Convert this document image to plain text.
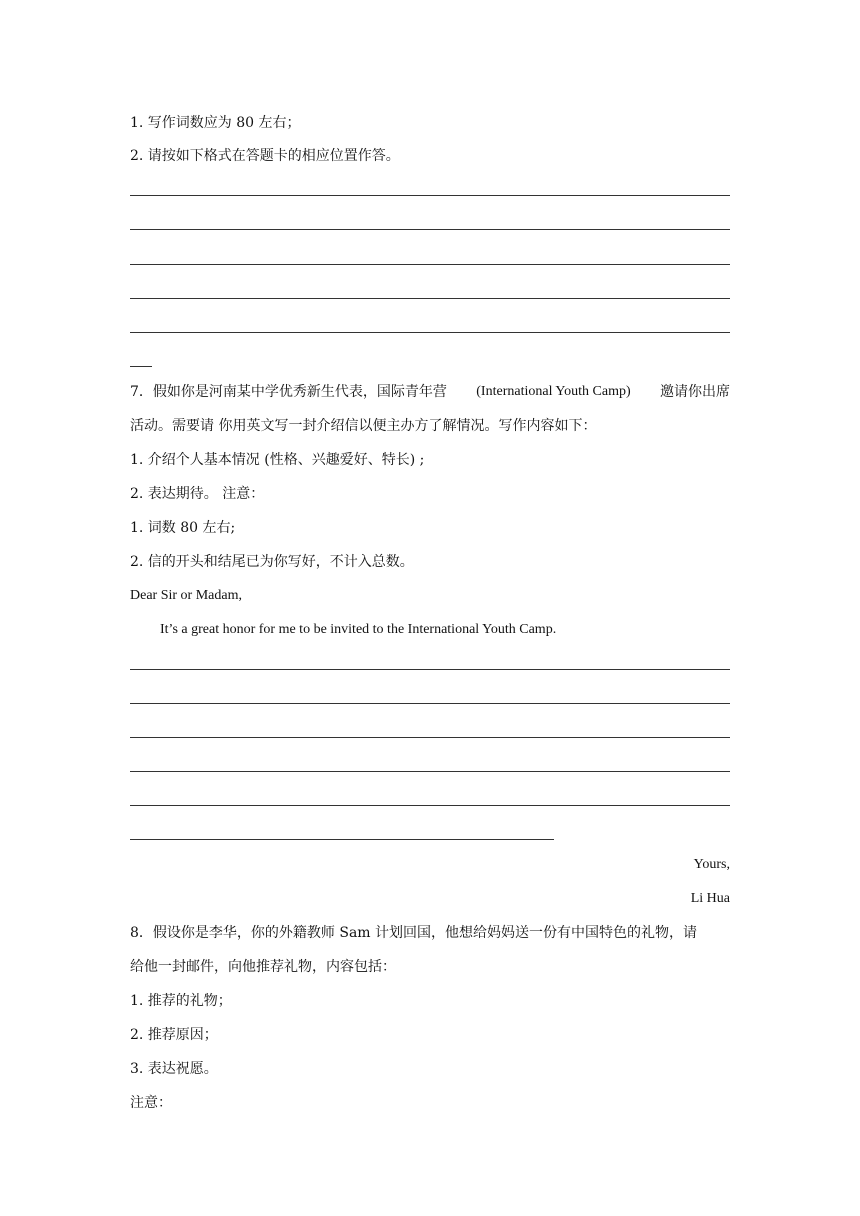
1. 写作词数应为 80 左右；
2. 请按如下格式在答题卡的相应位置作答。
7．假如你是河南某中学优秀新生代表，国际青年营 (International Youth Camp) 邀请你出席
活动。需要请 你用英文写一封介绍信以便主办方了解情况。写作内容如下：
1. 介绍个人基本情况 (性格、兴趣爱好、特长) ;
2. 表达期待。 注意：
1. 词数 80 左右;
2. 信的开头和结尾已为你写好，不计入总数。
Dear Sir or Madam,
It’s a great honor for me to be invited to the International Youth Camp.
Yours,
Li Hua
8．假设你是李华，你的外籍教师 Sam 计划回国，他想给妈妈送一份有中国特色的礼物，请
给他一封邮件，向他推荐礼物，内容包括：
1. 推荐的礼物；
2. 推荐原因；
3. 表达祝愿。
注意：
